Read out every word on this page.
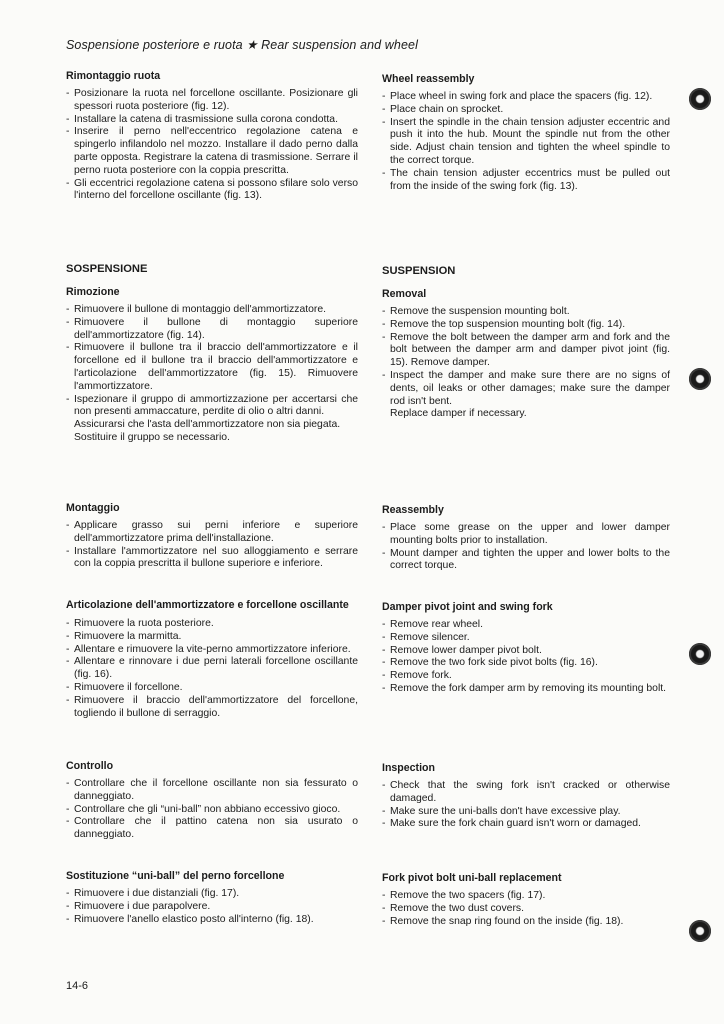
Sospensione posteriore e ruota ★ Rear suspension and wheel
Rimontaggio ruota
- Posizionare la ruota nel forcellone oscillante. Posizionare gli spessori ruota posteriore (fig. 12).
- Installare la catena di trasmissione sulla corona condotta.
- Inserire il perno nell'eccentrico regolazione catena e spingerlo infilandolo nel mozzo. Installare il dado perno dalla parte opposta. Registrare la catena di trasmissione. Serrare il perno ruota posteriore con la coppia prescritta.
- Gli eccentrici regolazione catena si possono sfilare solo verso l'interno del forcellone oscillante (fig. 13).
SOSPENSIONE
Rimozione
- Rimuovere il bullone di montaggio dell'ammortizzatore.
- Rimuovere il bullone di montaggio superiore dell'ammortizzatore (fig. 14).
- Rimuovere il bullone tra il braccio dell'ammortizzatore e il forcellone ed il bullone tra il braccio dell'ammortizzatore e l'articolazione dell'ammortizzatore (fig. 15). Rimuovere l'ammortizzatore.
- Ispezionare il gruppo di ammortizzazione per accertarsi che non presenti ammaccature, perdite di olio o altri danni.
Assicurarsi che l'asta dell'ammortizzatore non sia piegata.
Sostituire il gruppo se necessario.
Montaggio
- Applicare grasso sui perni inferiore e superiore dell'ammortizzatore prima dell'installazione.
- Installare l'ammortizzatore nel suo alloggiamento e serrare con la coppia prescritta il bullone superiore e inferiore.
Articolazione dell'ammortizzatore e forcellone oscillante
- Rimuovere la ruota posteriore.
- Rimuovere la marmitta.
- Allentare e rimuovere la vite-perno ammortizzatore inferiore.
- Allentare e rinnovare i due perni laterali forcellone oscillante (fig. 16).
- Rimuovere il forcellone.
- Rimuovere il braccio dell'ammortizzatore del forcellone, togliendo il bullone di serraggio.
Controllo
- Controllare che il forcellone oscillante non sia fessurato o danneggiato.
- Controllare che gli “uni-ball” non abbiano eccessivo gioco.
- Controllare che il pattino catena non sia usurato o danneggiato.
Sostituzione “uni-ball” del perno forcellone
- Rimuovere i due distanziali (fig. 17).
- Rimuovere i due parapolvere.
- Rimuovere l'anello elastico posto all'interno (fig. 18).
Wheel reassembly
- Place wheel in swing fork and place the spacers (fig. 12).
- Place chain on sprocket.
- Insert the spindle in the chain tension adjuster eccentric and push it into the hub. Mount the spindle nut from the other side. Adjust chain tension and tighten the wheel spindle to the correct torque.
- The chain tension adjuster eccentrics must be pulled out from the inside of the swing fork (fig. 13).
SUSPENSION
Removal
- Remove the suspension mounting bolt.
- Remove the top suspension mounting bolt (fig. 14).
- Remove the bolt between the damper arm and fork and the bolt between the damper arm and damper pivot joint (fig. 15). Remove damper.
- Inspect the damper and make sure there are no signs of dents, oil leaks or other damages; make sure the damper rod isn't bent.
Replace damper if necessary.
Reassembly
- Place some grease on the upper and lower damper mounting bolts prior to installation.
- Mount damper and tighten the upper and lower bolts to the correct torque.
Damper pivot joint and swing fork
- Remove rear wheel.
- Remove silencer.
- Remove lower damper pivot bolt.
- Remove the two fork side pivot bolts (fig. 16).
- Remove fork.
- Remove the fork damper arm by removing its mounting bolt.
Inspection
- Check that the swing fork isn't cracked or otherwise damaged.
- Make sure the uni-balls don't have excessive play.
- Make sure the fork chain guard isn't worn or damaged.
Fork pivot bolt uni-ball replacement
- Remove the two spacers (fig. 17).
- Remove the two dust covers.
- Remove the snap ring found on the inside (fig. 18).
14-6
